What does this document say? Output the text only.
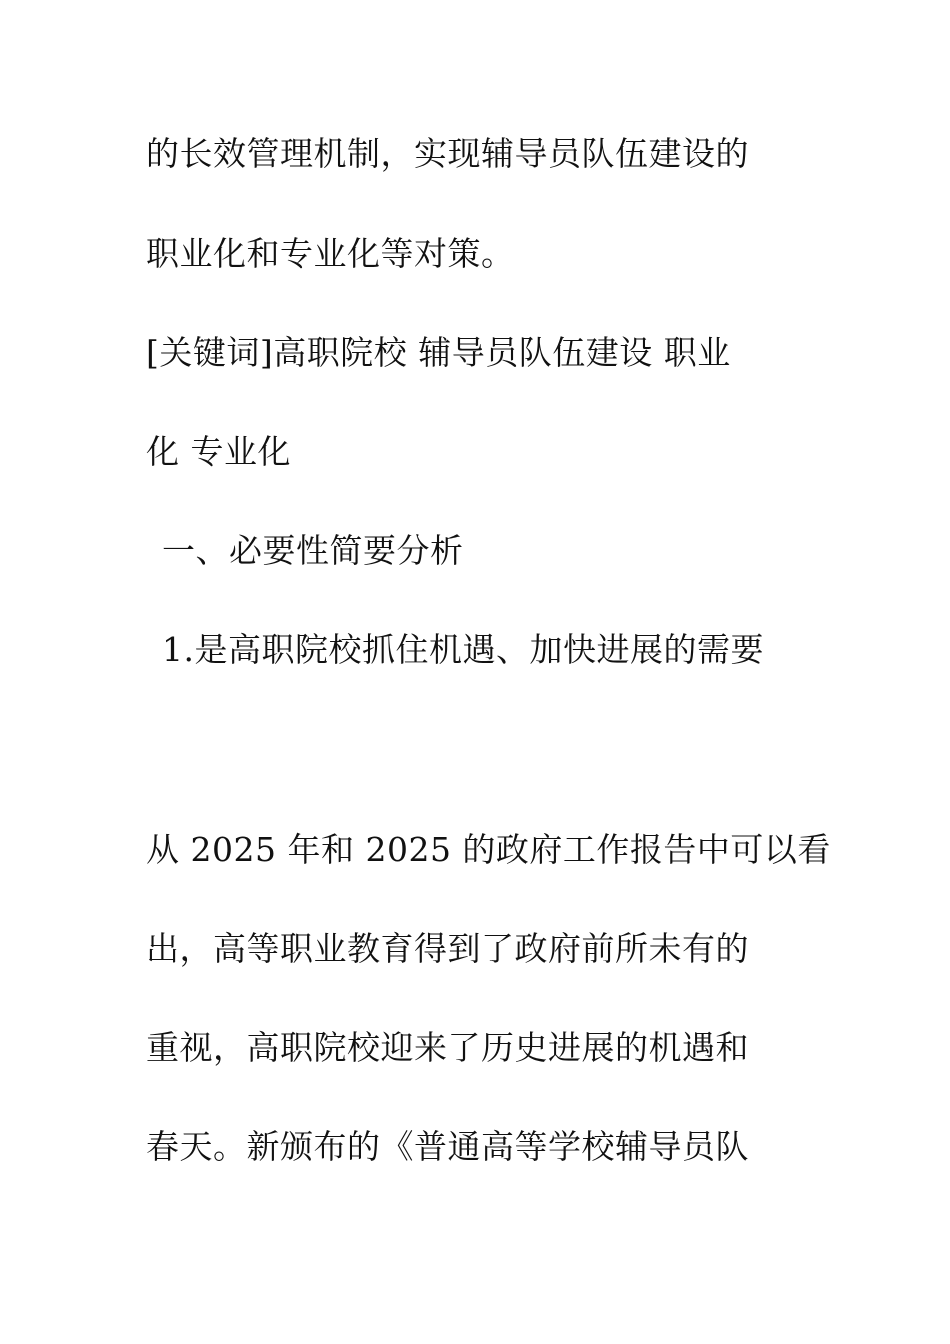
的长效管理机制，实现辅导员队伍建设的
职业化和专业化等对策。
[关键词]高职院校 辅导员队伍建设 职业
化 专业化
一、必要性简要分析
1.是高职院校抓住机遇、加快进展的需要
从 2025 年和 2025 的政府工作报告中可以看
出，高等职业教育得到了政府前所未有的
重视，高职院校迎来了历史进展的机遇和
春天。新颁布的《普通高等学校辅导员队
